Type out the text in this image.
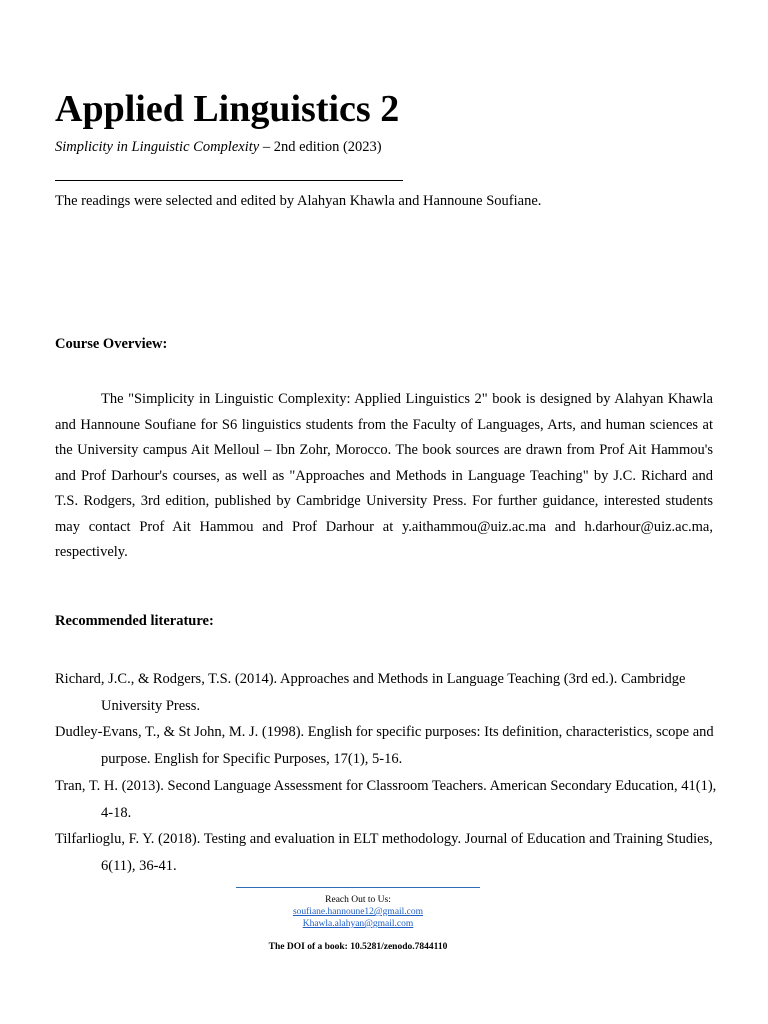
Applied Linguistics 2
Simplicity in Linguistic Complexity – 2nd edition (2023)
The readings were selected and edited by Alahyan Khawla and Hannoune Soufiane.
Course Overview:

The "Simplicity in Linguistic Complexity: Applied Linguistics 2" book is designed by Alahyan Khawla and Hannoune Soufiane for S6 linguistics students from the Faculty of Languages, Arts, and human sciences at the University campus Ait Melloul – Ibn Zohr, Morocco. The book sources are drawn from Prof Ait Hammou's and Prof Darhour's courses, as well as "Approaches and Methods in Language Teaching" by J.C. Richard and T.S. Rodgers, 3rd edition, published by Cambridge University Press. For further guidance, interested students may contact Prof Ait Hammou and Prof Darhour at y.aithammou@uiz.ac.ma and h.darhour@uiz.ac.ma, respectively.

Recommended literature:

Richard, J.C., & Rodgers, T.S. (2014). Approaches and Methods in Language Teaching (3rd ed.). Cambridge University Press.

Dudley-Evans, T., & St John, M. J. (1998). English for specific purposes: Its definition, characteristics, scope and purpose. English for Specific Purposes, 17(1), 5-16.

Tran, T. H. (2013). Second Language Assessment for Classroom Teachers. American Secondary Education, 41(1), 4-18.

Tilfarlioglu, F. Y. (2018). Testing and evaluation in ELT methodology. Journal of Education and Training Studies, 6(11), 36-41.

Reach Out to Us:
soufiane.hannoune12@gmail.com
Khawla.alahyan@gmail.com
The DOI of a book: 10.5281/zenodo.7844110
